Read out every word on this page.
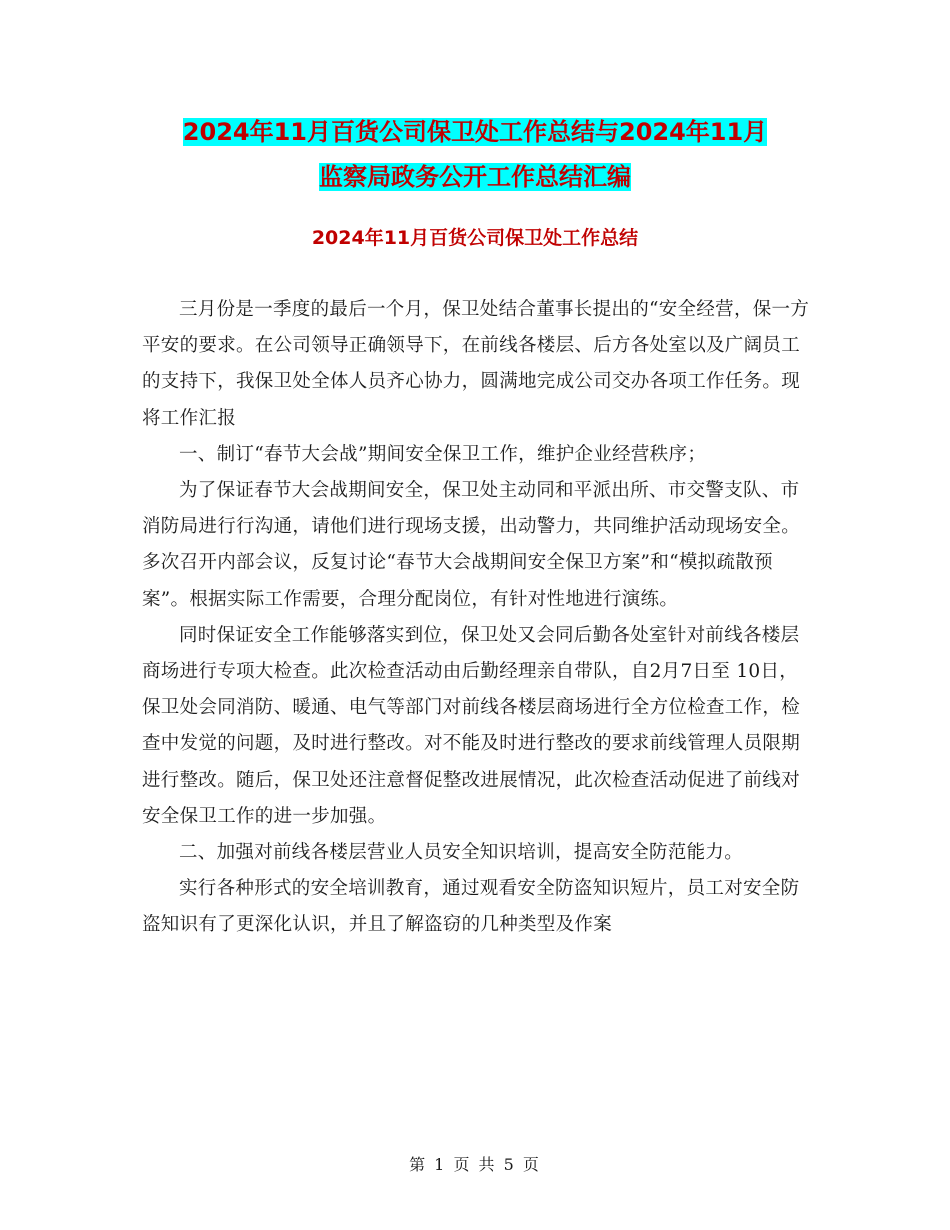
2024年11月百货公司保卫处工作总结与2024年11月
监察局政务公开工作总结汇编
2024年11月百货公司保卫处工作总结

三月份是一季度的最后一个月，保卫处结合董事长提出的“安全经营，保一方平安的要求。在公司领导正确领导下，在前线各楼层、后方各处室以及广阔员工的支持下，我保卫处全体人员齐心协力，圆满地完成公司交办各项工作任务。现将工作汇报

一、制订“春节大会战”期间安全保卫工作，维护企业经营秩序；

为了保证春节大会战期间安全，保卫处主动同和平派出所、市交警支队、市消防局进行行沟通，请他们进行现场支援，出动警力，共同维护活动现场安全。多次召开内部会议，反复讨论“春节大会战期间安全保卫方案”和“模拟疏散预案”。根据实际工作需要，合理分配岗位，有针对性地进行演练。

同时保证安全工作能够落实到位，保卫处又会同后勤各处室针对前线各楼层商场进行专项大检查。此次检查活动由后勤经理亲自带队，自2月7日至 10日，保卫处会同消防、暖通、电气等部门对前线各楼层商场进行全方位检查工作，检查中发觉的问题，及时进行整改。对不能及时进行整改的要求前线管理人员限期进行整改。随后，保卫处还注意督促整改进展情况，此次检查活动促进了前线对安全保卫工作的进一步加强。

二、加强对前线各楼层营业人员安全知识培训，提高安全防范能力。

实行各种形式的安全培训教育，通过观看安全防盗知识短片，员工对安全防盗知识有了更深化认识，并且了解盗窃的几种类型及作案

第 1 页 共 5 页
